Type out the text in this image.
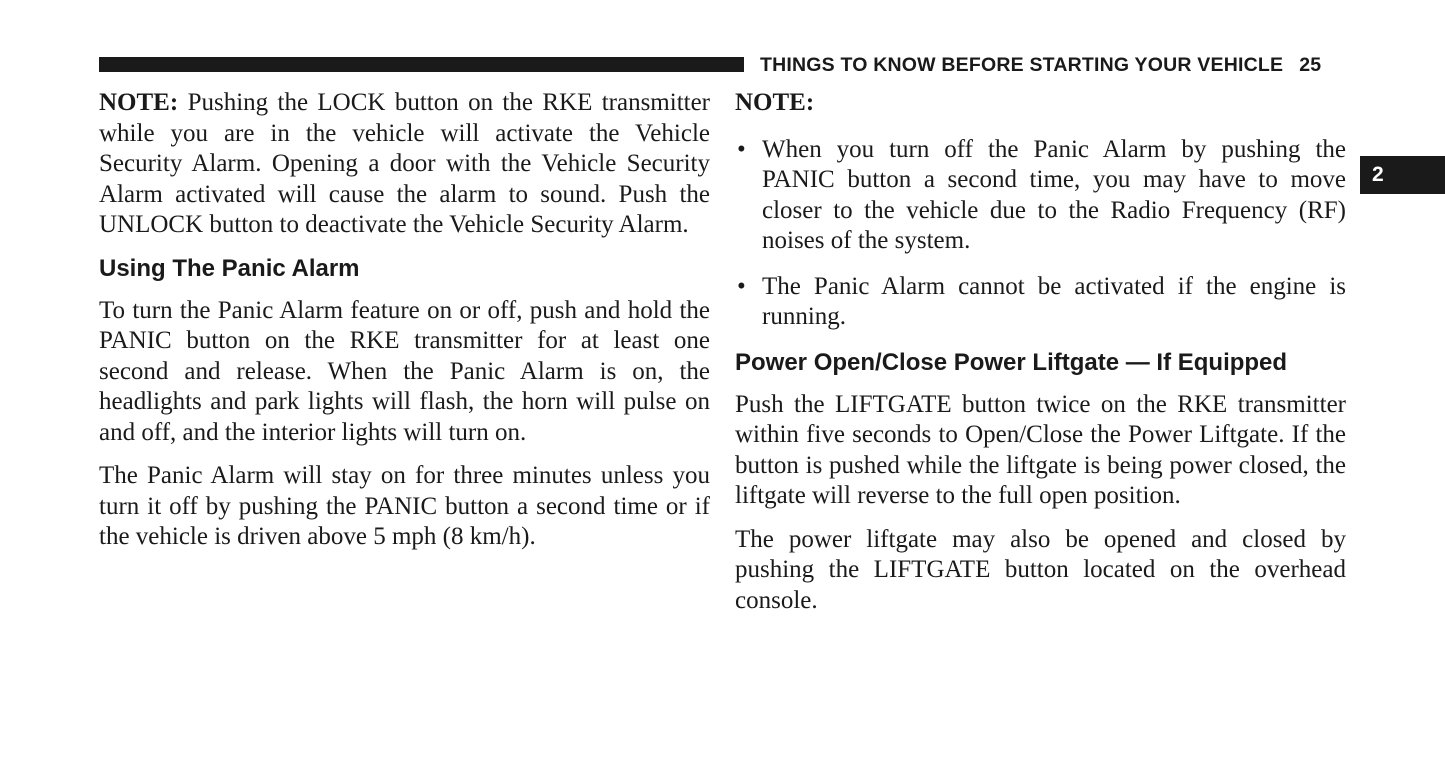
THINGS TO KNOW BEFORE STARTING YOUR VEHICLE 25
2

NOTE: Pushing the LOCK button on the RKE transmitter while you are in the vehicle will activate the Vehicle Security Alarm. Opening a door with the Vehicle Security Alarm activated will cause the alarm to sound. Push the UNLOCK button to deactivate the Vehicle Security Alarm.

Using The Panic Alarm

To turn the Panic Alarm feature on or off, push and hold the PANIC button on the RKE transmitter for at least one second and release. When the Panic Alarm is on, the headlights and park lights will flash, the horn will pulse on and off, and the interior lights will turn on.

The Panic Alarm will stay on for three minutes unless you turn it off by pushing the PANIC button a second time or if the vehicle is driven above 5 mph (8 km/h).

NOTE:
• When you turn off the Panic Alarm by pushing the PANIC button a second time, you may have to move closer to the vehicle due to the Radio Frequency (RF) noises of the system.
• The Panic Alarm cannot be activated if the engine is running.
Power Open/Close Power Liftgate — If Equipped

Push the LIFTGATE button twice on the RKE transmitter within five seconds to Open/Close the Power Liftgate. If the button is pushed while the liftgate is being power closed, the liftgate will reverse to the full open position.

The power liftgate may also be opened and closed by pushing the LIFTGATE button located on the overhead console.
